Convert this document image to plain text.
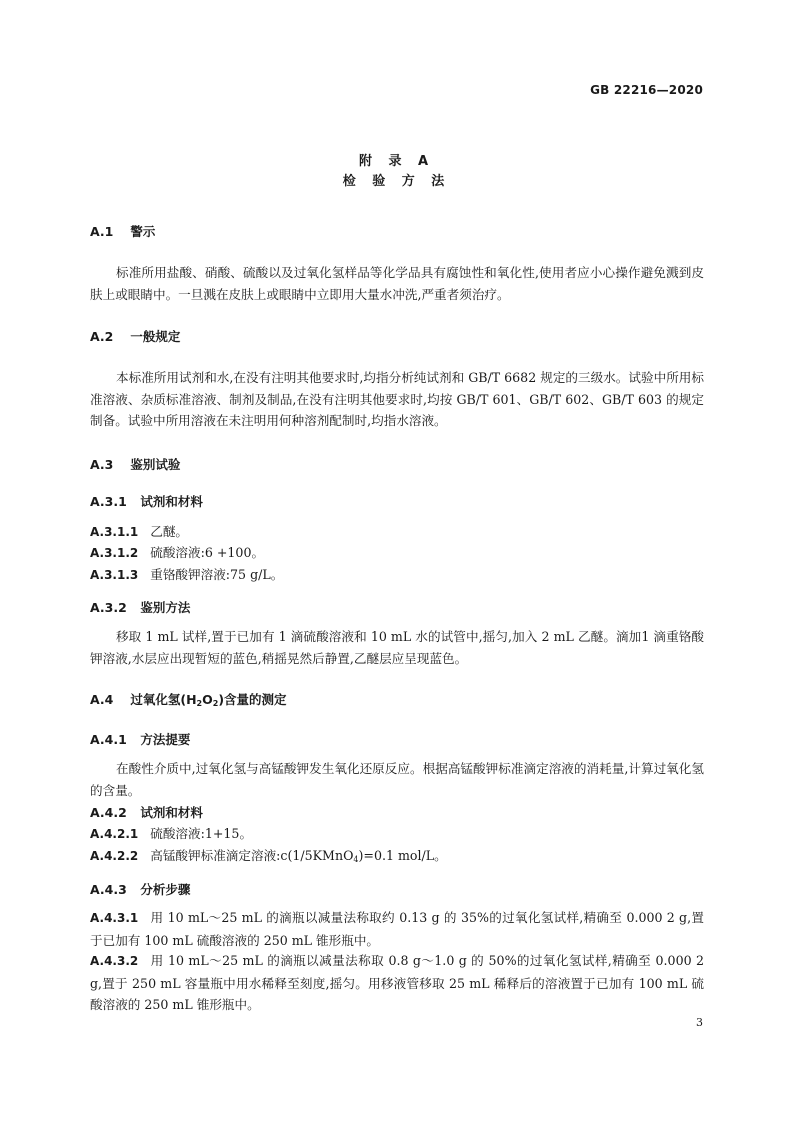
GB 22216—2020
附 录 A
检 验 方 法
A.1 警示
标准所用盐酸、硝酸、硫酸以及过氧化氢样品等化学品具有腐蚀性和氧化性,使用者应小心操作避免溅到皮肤上或眼睛中。一旦溅在皮肤上或眼睛中立即用大量水冲洗,严重者须治疗。
A.2 一般规定
本标准所用试剂和水,在没有注明其他要求时,均指分析纯试剂和 GB/T 6682 规定的三级水。试验中所用标准溶液、杂质标准溶液、制剂及制品,在没有注明其他要求时,均按 GB/T 601、GB/T 602、GB/T 603 的规定制备。试验中所用溶液在未注明用何种溶剂配制时,均指水溶液。
A.3 鉴别试验
A.3.1 试剂和材料
A.3.1.1 乙醚。
A.3.1.2 硫酸溶液:6 +100。
A.3.1.3 重铬酸钾溶液:75 g/L。
A.3.2 鉴别方法
移取 1 mL 试样,置于已加有 1 滴硫酸溶液和 10 mL 水的试管中,摇匀,加入 2 mL 乙醚。滴加1 滴重铬酸钾溶液,水层应出现暂短的蓝色,稍摇晃然后静置,乙醚层应呈现蓝色。
A.4 过氧化氢$(H_2O_2)$含量的测定
A.4.1 方法提要
在酸性介质中,过氧化氢与高锰酸钾发生氧化还原反应。根据高锰酸钾标准滴定溶液的消耗量,计算过氧化氢的含量。
A.4.2 试剂和材料
A.4.2.1 硫酸溶液:1+15。
A.4.2.2 高锰酸钾标准滴定溶液:c(1/5KMnO$_4$)=0.1 mol/L。
A.4.3 分析步骤
A.4.3.1 用 10 mL～25 mL 的滴瓶以减量法称取约 0.13 g 的 35%的过氧化氢试样,精确至 0.000 2 g,置于已加有 100 mL 硫酸溶液的 250 mL 锥形瓶中。
A.4.3.2 用 10 mL～25 mL 的滴瓶以减量法称取 0.8 g～1.0 g 的 50%的过氧化氢试样,精确至 0.000 2 g,置于 250 mL 容量瓶中用水稀释至刻度,摇匀。用移液管移取 25 mL 稀释后的溶液置于已加有 100 mL 硫酸溶液的 250 mL 锥形瓶中。
3
